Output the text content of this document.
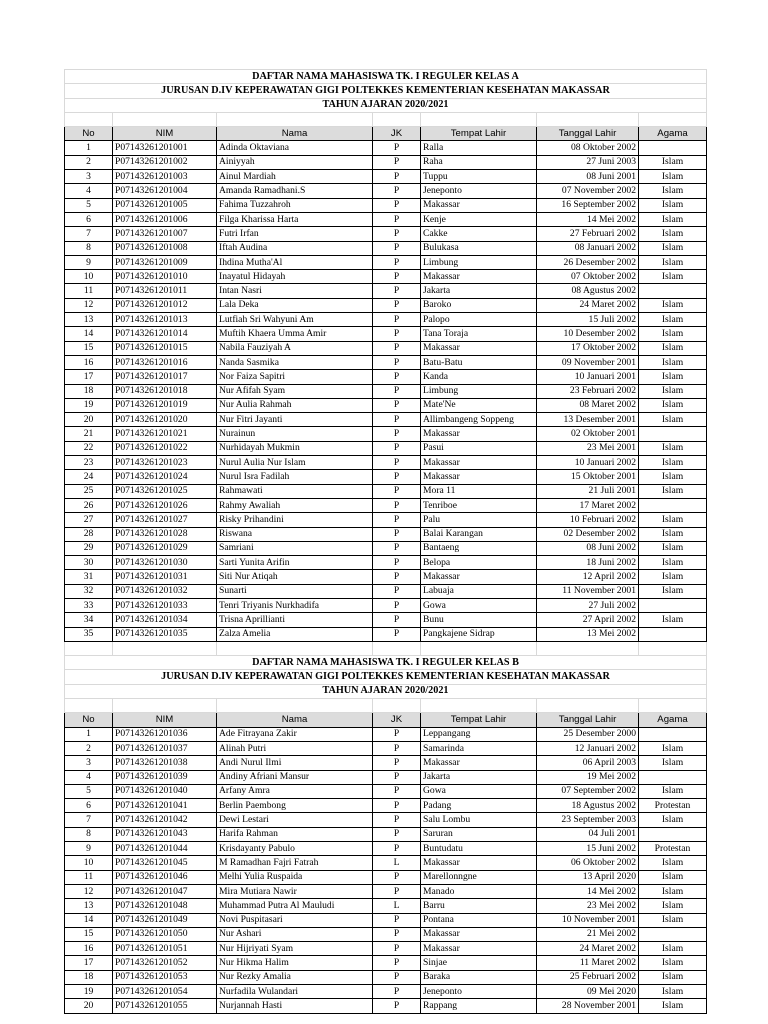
DAFTAR NAMA MAHASISWA TK. I REGULER KELAS A						
JURUSAN D.IV KEPERAWATAN GIGI POLTEKKES KEMENTERIAN KESEHATAN MAKASSAR						
TAHUN AJARAN 2020/2021						

No	NIM	Nama	JK	Tempat Lahir	Tanggal Lahir	Agama
1	P07143261201001	Adinda Oktaviana	P	Ralla	08 Oktober 2002	
2	P07143261201002	Ainiyyah	P	Raha	27 Juni 2003	Islam
3	P07143261201003	Ainul Mardiah	P	Tuppu	08 Juni 2001	Islam
4	P07143261201004	Amanda Ramadhani.S	P	Jeneponto	07 November 2002	Islam
5	P07143261201005	Fahima Tuzzahroh	P	Makassar	16 September 2002	Islam
6	P07143261201006	Filga Kharissa Harta	P	Kenje	14 Mei 2002	Islam
7	P07143261201007	Futri Irfan	P	Cakke	27 Februari 2002	Islam
8	P07143261201008	Iftah Audina	P	Bulukasa	08 Januari 2002	Islam
9	P07143261201009	Ihdina Mutha'Al	P	Limbung	26 Desember 2002	Islam
10	P07143261201010	Inayatul Hidayah	P	Makassar	07 Oktober 2002	Islam
11	P07143261201011	Intan Nasri	P	Jakarta	08 Agustus 2002	
12	P07143261201012	Lala Deka	P	Baroko	24 Maret 2002	Islam
13	P07143261201013	Lutfiah Sri Wahyuni Am	P	Palopo	15 Juli 2002	Islam
14	P07143261201014	Muftih Khaera Umma Amir	P	Tana Toraja	10 Desember 2002	Islam
15	P07143261201015	Nabila Fauziyah A	P	Makassar	17 Oktober 2002	Islam
16	P07143261201016	Nanda Sasmika	P	Batu-Batu	09 November 2001	Islam
17	P07143261201017	Nor Faiza Sapitri	P	Kanda	10 Januari 2001	Islam
18	P07143261201018	Nur Afifah Syam	P	Limbung	23 Februari 2002	Islam
19	P07143261201019	Nur Aulia Rahmah	P	Mate'Ne	08 Maret 2002	Islam
20	P07143261201020	Nur Fitri Jayanti	P	Allimbangeng Soppeng	13 Desember 2001	Islam
21	P07143261201021	Nurainun	P	Makassar	02 Oktober 2001	
22	P07143261201022	Nurhidayah Mukmin	P	Pasui	23 Mei 2001	Islam
23	P07143261201023	Nurul Aulia Nur Islam	P	Makassar	10 Januari 2002	Islam
24	P07143261201024	Nurul Isra Fadilah	P	Makassar	15 Oktober 2001	Islam
25	P07143261201025	Rahmawati	P	Mora 11	21 Juli 2001	Islam
26	P07143261201026	Rahmy Awaliah	P	Tenriboe	17 Maret 2002	
27	P07143261201027	Risky Prihandini	P	Palu	10 Februari 2002	Islam
28	P07143261201028	Riswana	P	Balai Karangan	02 Desember 2002	Islam
29	P07143261201029	Samriani	P	Bantaeng	08 Juni 2002	Islam
30	P07143261201030	Sarti Yunita Arifin	P	Belopa	18 Juni 2002	Islam
31	P07143261201031	Siti Nur Atiqah	P	Makassar	12 April 2002	Islam
32	P07143261201032	Sunarti	P	Labuaja	11 November 2001	Islam
33	P07143261201033	Tenri Triyanis Nurkhadifa	P	Gowa	27 Juli 2002	
34	P07143261201034	Trisna Aprillianti	P	Bunu	27 April 2002	Islam
35	P07143261201035	Zalza Amelia	P	Pangkajene Sidrap	13 Mei 2002	

DAFTAR NAMA MAHASISWA TK. I REGULER KELAS B						
JURUSAN D.IV KEPERAWATAN GIGI POLTEKKES KEMENTERIAN KESEHATAN MAKASSAR						
TAHUN AJARAN 2020/2021						

No	NIM	Nama	JK	Tempat Lahir	Tanggal Lahir	Agama
1	P07143261201036	Ade Fitrayana Zakir	P	Leppangang	25 Desember 2000	
2	P07143261201037	Alinah Putri	P	Samarinda	12 Januari 2002	Islam
3	P07143261201038	Andi Nurul Ilmi	P	Makassar	06 April 2003	Islam
4	P07143261201039	Andiny Afriani Mansur	P	Jakarta	19 Mei 2002	
5	P07143261201040	Arfany Amra	P	Gowa	07 September 2002	Islam
6	P07143261201041	Berlin Paembong	P	Padang	18 Agustus 2002	Protestan
7	P07143261201042	Dewi Lestari	P	Salu Lombu	23 September 2003	Islam
8	P07143261201043	Harifa Rahman	P	Saruran	04 Juli 2001	
9	P07143261201044	Krisdayanty Pabulo	P	Buntudatu	15 Juni 2002	Protestan
10	P07143261201045	M Ramadhan Fajri Fatrah	L	Makassar	06 Oktober 2002	Islam
11	P07143261201046	Melhi Yulia Ruspaida	P	Marellonngne	13 April 2020	Islam
12	P07143261201047	Mira Mutiara Nawir	P	Manado	14 Mei 2002	Islam
13	P07143261201048	Muhammad Putra Al Mauludi	L	Barru	23 Mei 2002	Islam
14	P07143261201049	Novi Puspitasari	P	Pontana	10 November 2001	Islam
15	P07143261201050	Nur Ashari	P	Makassar	21 Mei 2002	
16	P07143261201051	Nur Hijriyati Syam	P	Makassar	24 Maret 2002	Islam
17	P07143261201052	Nur Hikma Halim	P	Sinjae	11 Maret 2002	Islam
18	P07143261201053	Nur Rezky Amalia	P	Baraka	25 Februari 2002	Islam
19	P07143261201054	Nurfadila Wulandari	P	Jeneponto	09 Mei 2020	Islam
20	P07143261201055	Nurjannah Hasti	P	Rappang	28 November 2001	Islam
